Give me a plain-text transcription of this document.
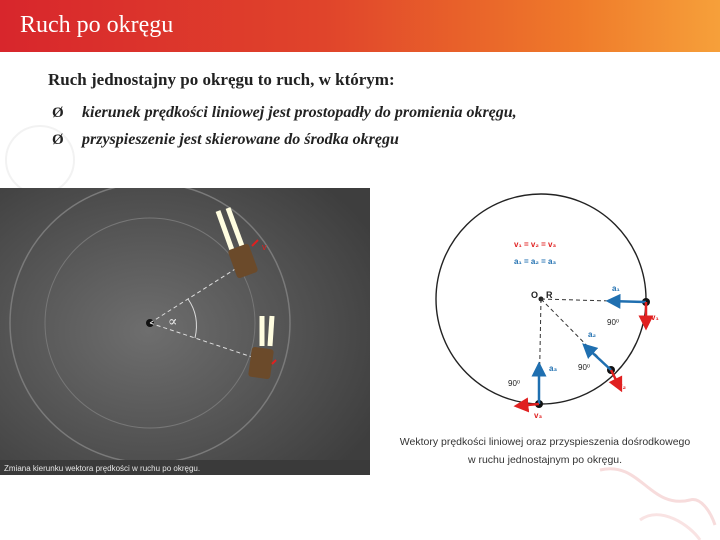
Ruch po okręgu
Ruch jednostajny po okręgu to ruch, w którym:
Ø	kierunek prędkości liniowej jest prostopadły do promienia okręgu,
Ø	przyspieszenie jest skierowane do środka okręgu
∝
v
Zmiana kierunku wektora prędkości w ruchu po okręgu.
v₁ = v₂ = v₃
a₁ = a₂ = a₃
O R
a₁
v₁
90⁰
a₂
90⁰
v₂
a₃
90⁰
v₃
Wektory prędkości liniowej oraz przyspieszenia dośrodkowego
w ruchu jednostajnym po okręgu.
